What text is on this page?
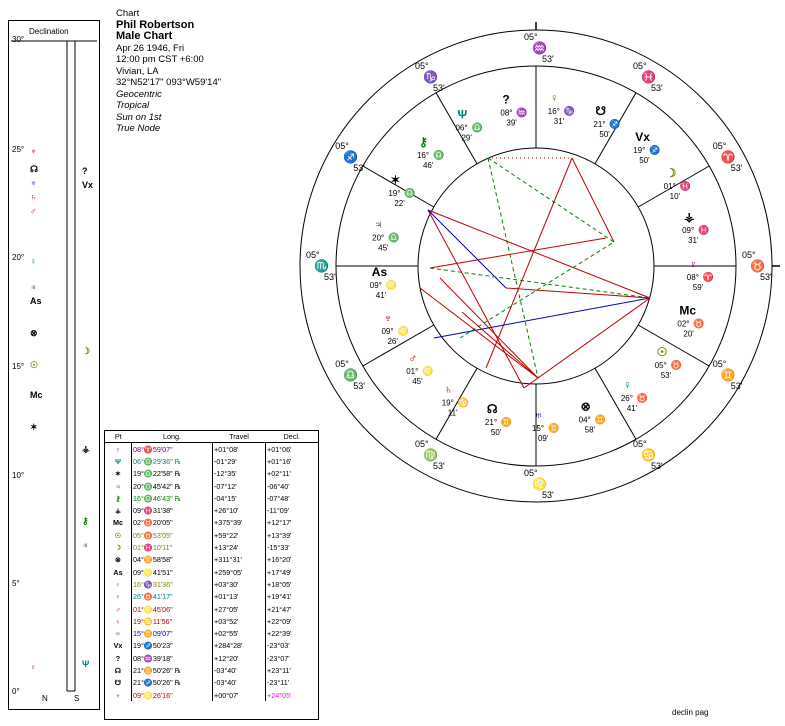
Declination
30°
25°
20°
15°
10°
5°
0°
♆
☊
♅
♄
♂
♀
♃
As
⊗
☉
Mc
✶
♇
?
Vx
☽
⚶
⚷
♃
Ψ
N	S
Chart
Phil Robertson
Male Chart
Apr 26 1946, Fri
12:00 pm CST +6:00
Vivian, LA
32°N52'17" 093°W59'14"
Geocentric
Tropical
Sun on 1st
True Node
Pt	Long.	Travel	Decl.
♇	08°♈59'07"	+01°08'	+01°06'
Ψ	06°♎29'36" ℞	-01°29'	+01°16'
✶	19°♎22'58" ℞	-12°35'	+02°11'
♃	20°♎45'42" ℞	-07°12'	-06°40'
⚷	16°♎46'43" ℞	-04°15'	-07°48'
⚶	09°♓31'38"	+26°10'	-11°09'
Mc	02°♉20'05"	+375°39'	+12°17'
☉	05°♉53'05"	+59°22'	+13°39'
☽	01°♓10'11"	+13°24'	-15°33'
⊗	04°♊58'58"	+311°31'	+16°20'
As	09°♌41'51"	+259°05'	+17°49'
♀	16°♑31'36"	+03°30'	+18°05'
♀	26°♉41'17"	+01°13'	+19°41'
♂	01°♌45'06"	+27°05'	+21°47'
♄	19°♋11'56"	+03°52'	+22°09'
♅	15°♊09'07"	+02°55'	+22°39'
Vx	19°♐50'23"	+284°28'	-23°03'
?	08°♒39'18"	+12°20'	-23°07'
☊	21°♊50'26" ℞	-03°40'	+23°11'
☋	21°♐50'26" ℞	-03°40'	-23°11'
♆	09°♌26'16"	+00°07'	+24°05'
05°
♒
53'
05°
♓
53'
05°
♈
53'
05°
♉
53'
05°
♊
53'
05°
♋
53'
05°
♌
53'
05°
♍
53'
05°
♎
53'
05°
♏
53'
05°
♐
53'
05°
♑
53'
?
08° ♒
39'
♀
16° ♑
31'
☋
21° ♐
50' Vx
19° ♐
50'
☽
01° ♓
10'
⚶
09° ♓
31'
♇
08° ♈
59'
Mc
02° ♉
20'
☉
05° ♉
53'
♀
26° ♉
41'
⊗
04° ♊
58'
♅
15° ♊
09'
☊
21° ♊
50'
♄
19° ♋
11'
♂
01° ♌
45'
♆
09° ♌
26'
As
09° ♌
41'
♃
20° ♎
45'
✶
19° ♎
22'
⚷
16° ♎
46'
Ψ
06° ♎
29'
declin pag
